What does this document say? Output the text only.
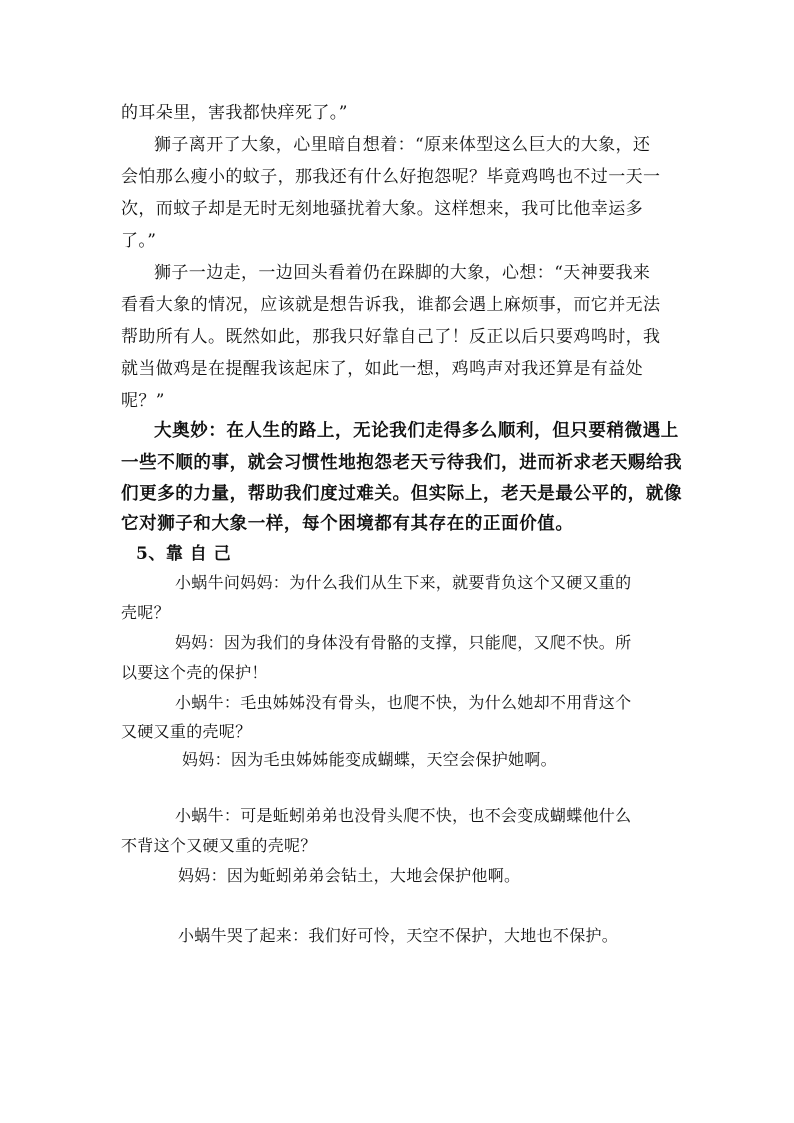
的耳朵里，害我都快痒死了。”
狮子离开了大象，心里暗自想着：“原来体型这么巨大的大象，还
会怕那么瘦小的蚊子，那我还有什么好抱怨呢？毕竟鸡鸣也不过一天一
次，而蚊子却是无时无刻地骚扰着大象。这样想来，我可比他幸运多
了。”
狮子一边走，一边回头看着仍在跺脚的大象，心想：“天神要我来
看看大象的情况，应该就是想告诉我，谁都会遇上麻烦事，而它并无法
帮助所有人。既然如此，那我只好靠自己了！反正以后只要鸡鸣时，我
就当做鸡是在提醒我该起床了，如此一想，鸡鸣声对我还算是有益处
呢？”
大奥妙：在人生的路上，无论我们走得多么顺利，但只要稍微遇上
一些不顺的事，就会习惯性地抱怨老天亏待我们，进而祈求老天赐给我
们更多的力量，帮助我们度过难关。但实际上，老天是最公平的，就像
它对狮子和大象一样，每个困境都有其存在的正面价值。
5、靠 自 己
小蜗牛问妈妈：为什么我们从生下来，就要背负这个又硬又重的
壳呢？
妈妈：因为我们的身体没有骨骼的支撑，只能爬，又爬不快。所
以要这个壳的保护！
小蜗牛：毛虫姊姊没有骨头，也爬不快，为什么她却不用背这个
又硬又重的壳呢？
妈妈：因为毛虫姊姊能变成蝴蝶，天空会保护她啊。
小蜗牛：可是蚯蚓弟弟也没骨头爬不快，也不会变成蝴蝶他什么
不背这个又硬又重的壳呢？
妈妈：因为蚯蚓弟弟会钻土，大地会保护他啊。
小蜗牛哭了起来：我们好可怜，天空不保护，大地也不保护。
